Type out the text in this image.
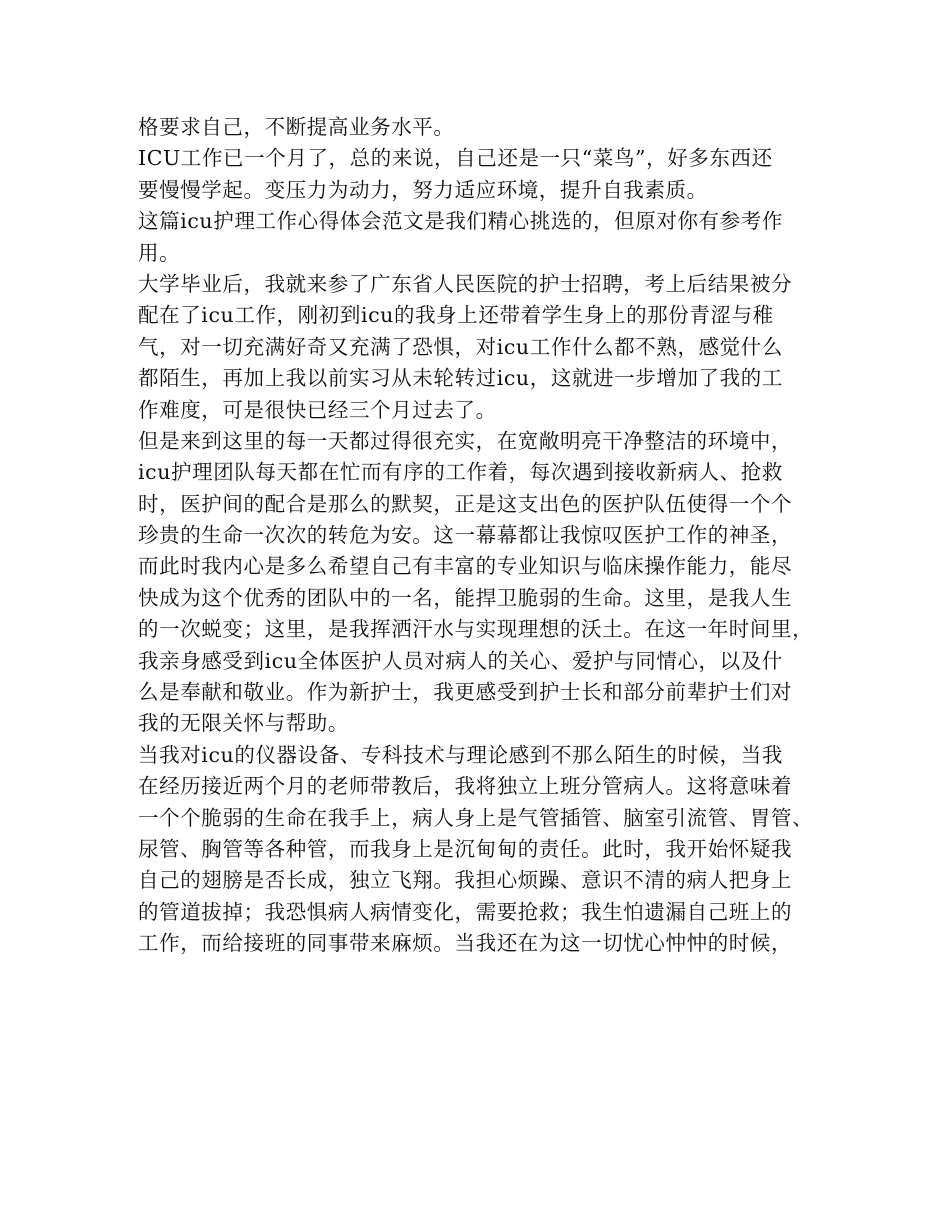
格要求自己，不断提高业务水平。
ICU工作已一个月了，总的来说，自己还是一只“菜鸟”，好多东西还
要慢慢学起。变压力为动力，努力适应环境，提升自我素质。
这篇icu护理工作心得体会范文是我们精心挑选的，但原对你有参考作
用。
大学毕业后，我就来参了广东省人民医院的护士招聘，考上后结果被分
配在了icu工作，刚初到icu的我身上还带着学生身上的那份青涩与稚
气，对一切充满好奇又充满了恐惧，对icu工作什么都不熟，感觉什么
都陌生，再加上我以前实习从未轮转过icu，这就进一步增加了我的工
作难度，可是很快已经三个月过去了。
但是来到这里的每一天都过得很充实，在宽敞明亮干净整洁的环境中，
icu护理团队每天都在忙而有序的工作着，每次遇到接收新病人、抢救
时，医护间的配合是那么的默契，正是这支出色的医护队伍使得一个个
珍贵的生命一次次的转危为安。这一幕幕都让我惊叹医护工作的神圣，
而此时我内心是多么希望自己有丰富的专业知识与临床操作能力，能尽
快成为这个优秀的团队中的一名，能捍卫脆弱的生命。这里，是我人生
的一次蜕变；这里，是我挥洒汗水与实现理想的沃土。在这一年时间里，
我亲身感受到icu全体医护人员对病人的关心、爱护与同情心，以及什
么是奉献和敬业。作为新护士，我更感受到护士长和部分前辈护士们对
我的无限关怀与帮助。
当我对icu的仪器设备、专科技术与理论感到不那么陌生的时候，当我
在经历接近两个月的老师带教后，我将独立上班分管病人。这将意味着
一个个脆弱的生命在我手上，病人身上是气管插管、脑室引流管、胃管、
尿管、胸管等各种管，而我身上是沉甸甸的责任。此时，我开始怀疑我
自己的翅膀是否长成，独立飞翔。我担心烦躁、意识不清的病人把身上
的管道拔掉；我恐惧病人病情变化，需要抢救；我生怕遗漏自己班上的
工作，而给接班的同事带来麻烦。当我还在为这一切忧心忡忡的时候，
